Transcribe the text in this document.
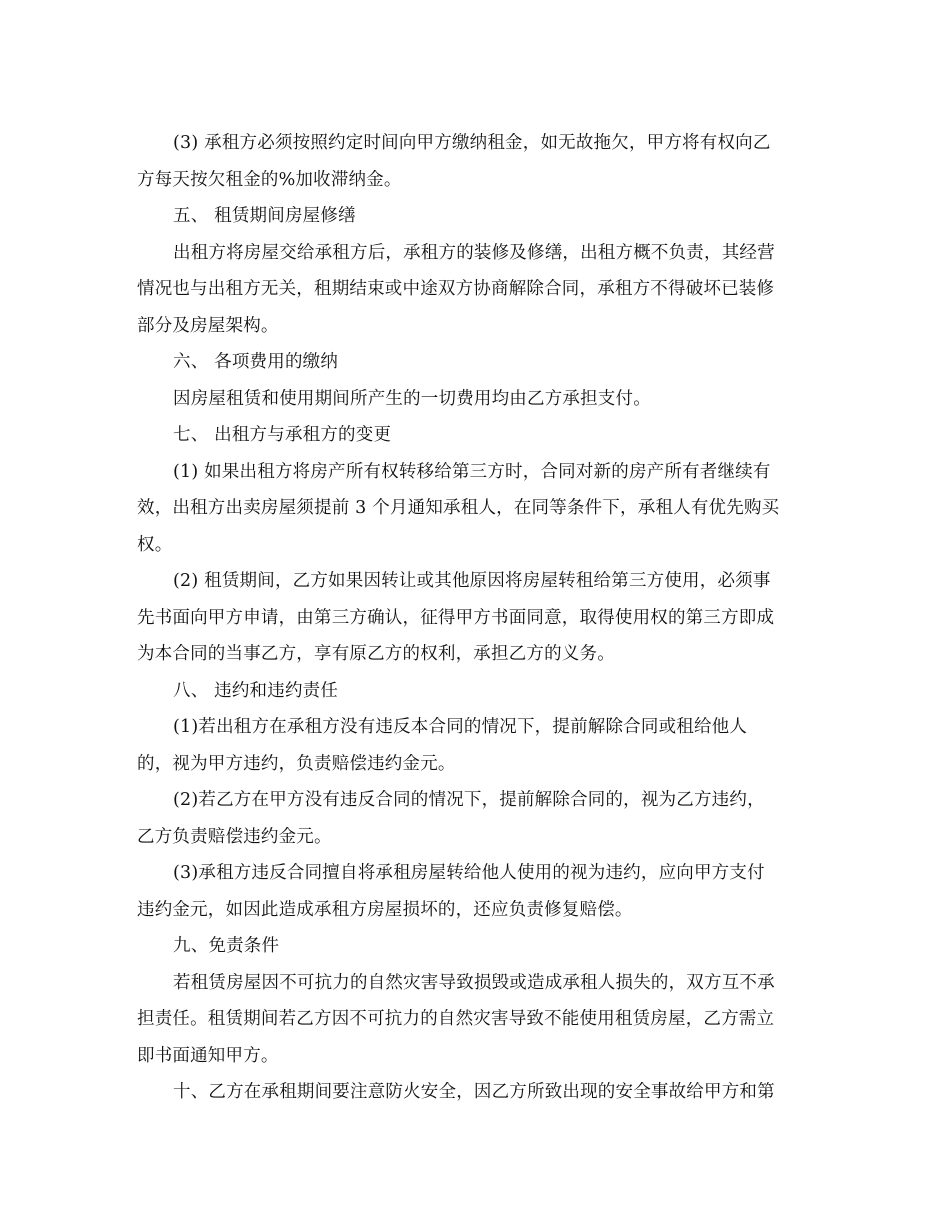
(3) 承租方必须按照约定时间向甲方缴纳租金，如无故拖欠，甲方将有权向乙
方每天按欠租金的%加收滞纳金。
五、 租赁期间房屋修缮
出租方将房屋交给承租方后，承租方的装修及修缮，出租方概不负责，其经营
情况也与出租方无关，租期结束或中途双方协商解除合同，承租方不得破坏已装修
部分及房屋架构。
六、 各项费用的缴纳
因房屋租赁和使用期间所产生的一切费用均由乙方承担支付。
七、 出租方与承租方的变更
(1) 如果出租方将房产所有权转移给第三方时，合同对新的房产所有者继续有
效，出租方出卖房屋须提前 3 个月通知承租人，在同等条件下，承租人有优先购买
权。
(2) 租赁期间，乙方如果因转让或其他原因将房屋转租给第三方使用，必须事
先书面向甲方申请，由第三方确认，征得甲方书面同意，取得使用权的第三方即成
为本合同的当事乙方，享有原乙方的权利，承担乙方的义务。
八、 违约和违约责任
(1)若出租方在承租方没有违反本合同的情况下，提前解除合同或租给他人
的，视为甲方违约，负责赔偿违约金元。
(2)若乙方在甲方没有违反合同的情况下，提前解除合同的，视为乙方违约，
乙方负责赔偿违约金元。
(3)承租方违反合同擅自将承租房屋转给他人使用的视为违约，应向甲方支付
违约金元，如因此造成承租方房屋损坏的，还应负责修复赔偿。
九、免责条件
若租赁房屋因不可抗力的自然灾害导致损毁或造成承租人损失的，双方互不承
担责任。租赁期间若乙方因不可抗力的自然灾害导致不能使用租赁房屋，乙方需立
即书面通知甲方。
十、乙方在承租期间要注意防火安全，因乙方所致出现的安全事故给甲方和第
